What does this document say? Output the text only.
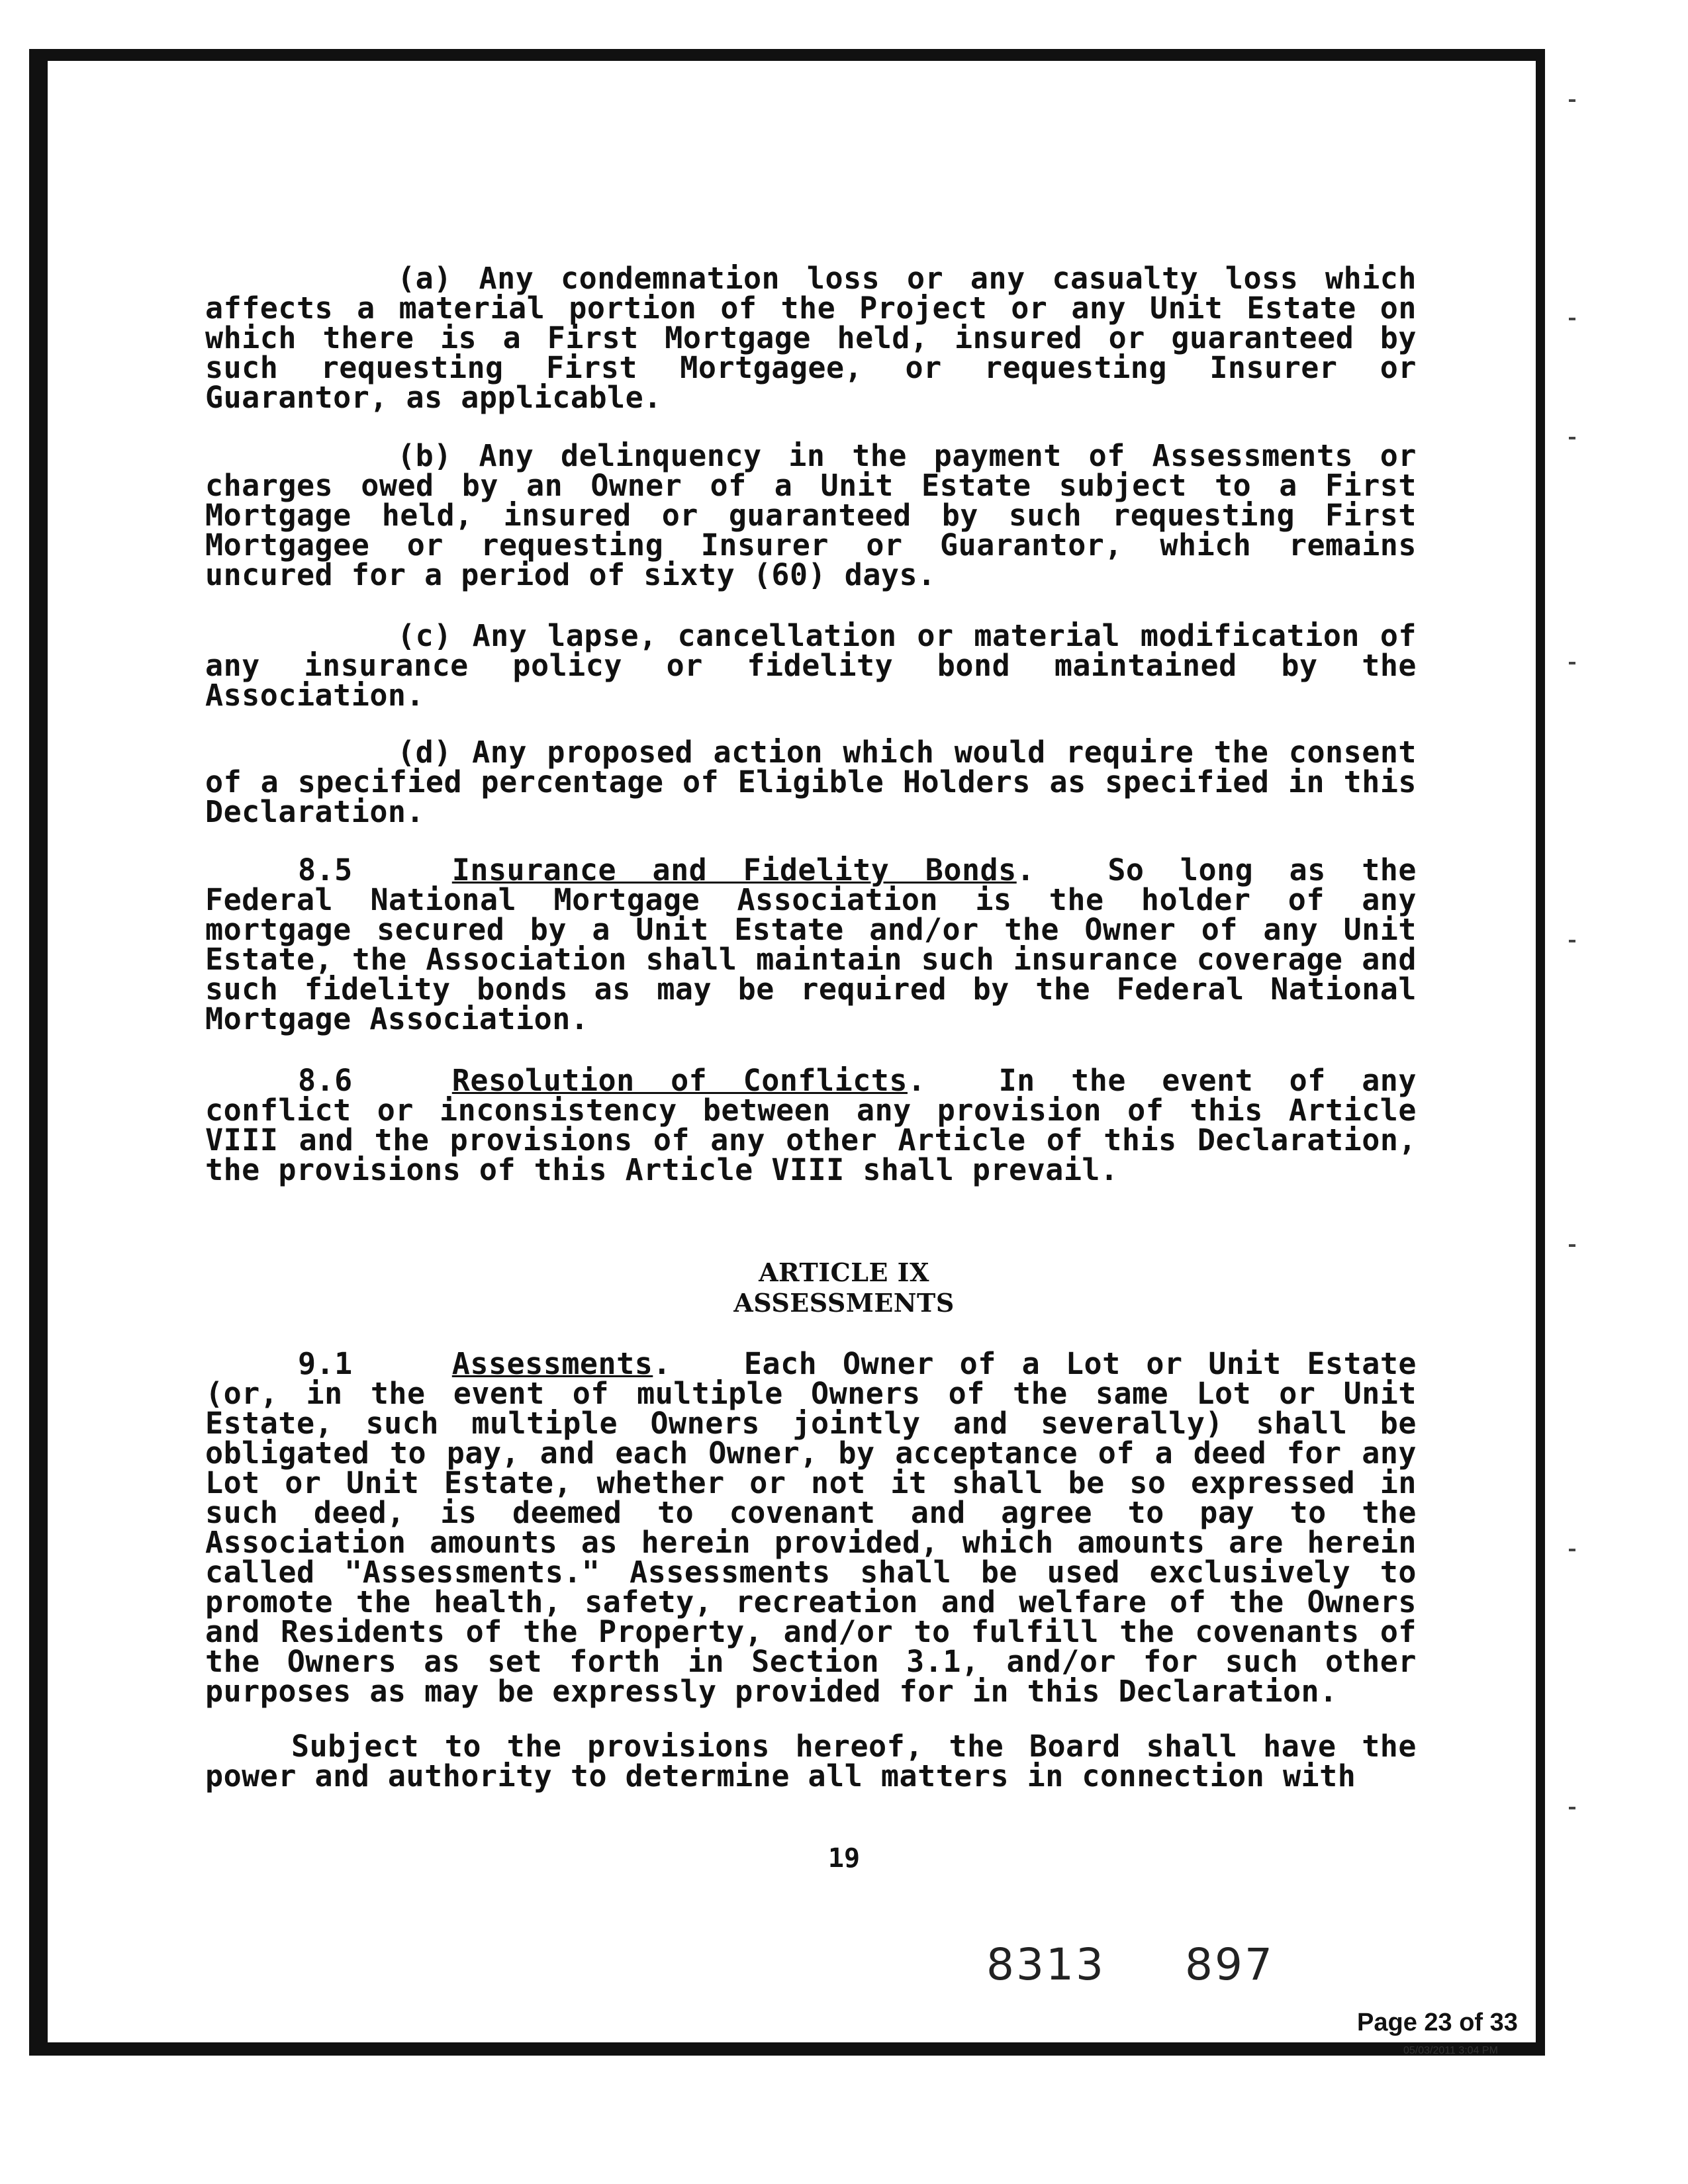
(a) Any condemnation loss or any casualty loss which affects a material portion of the Project or any Unit Estate on which there is a First Mortgage held, insured or guaranteed by such requesting First Mortgagee, or requesting Insurer or Guarantor, as applicable.

(b) Any delinquency in the payment of Assessments or charges owed by an Owner of a Unit Estate subject to a First Mortgage held, insured or guaranteed by such requesting First Mortgagee or requesting Insurer or Guarantor, which remains uncured for a period of sixty (60) days.

(c) Any lapse, cancellation or material modification of any insurance policy or fidelity bond maintained by the Association.

(d) Any proposed action which would require the consent of a specified percentage of Eligible Holders as specified in this Declaration.

8.5	Insurance and Fidelity Bonds. So long as the Federal National Mortgage Association is the holder of any mortgage secured by a Unit Estate and/or the Owner of any Unit Estate, the Association shall maintain such insurance coverage and such fidelity bonds as may be required by the Federal National Mortgage Association.

8.6	Resolution of Conflicts. In the event of any conflict or inconsistency between any provision of this Article VIII and the provisions of any other Article of this Declaration, the provisions of this Article VIII shall prevail.

ARTICLE IX
ASSESSMENTS

9.1	Assessments. Each Owner of a Lot or Unit Estate (or, in the event of multiple Owners of the same Lot or Unit Estate, such multiple Owners jointly and severally) shall be obligated to pay, and each Owner, by acceptance of a deed for any Lot or Unit Estate, whether or not it shall be so expressed in such deed, is deemed to covenant and agree to pay to the Association amounts as herein provided, which amounts are herein called "Assessments." Assessments shall be used exclusively to promote the health, safety, recreation and welfare of the Owners and Residents of the Property, and/or to fulfill the covenants of the Owners as set forth in Section 3.1, and/or for such other purposes as may be expressly provided for in this Declaration.

Subject to the provisions hereof, the Board shall have the power and authority to determine all matters in connection with

19
8313 897
Page 23 of 33
05/03/2011 3:04 PM
